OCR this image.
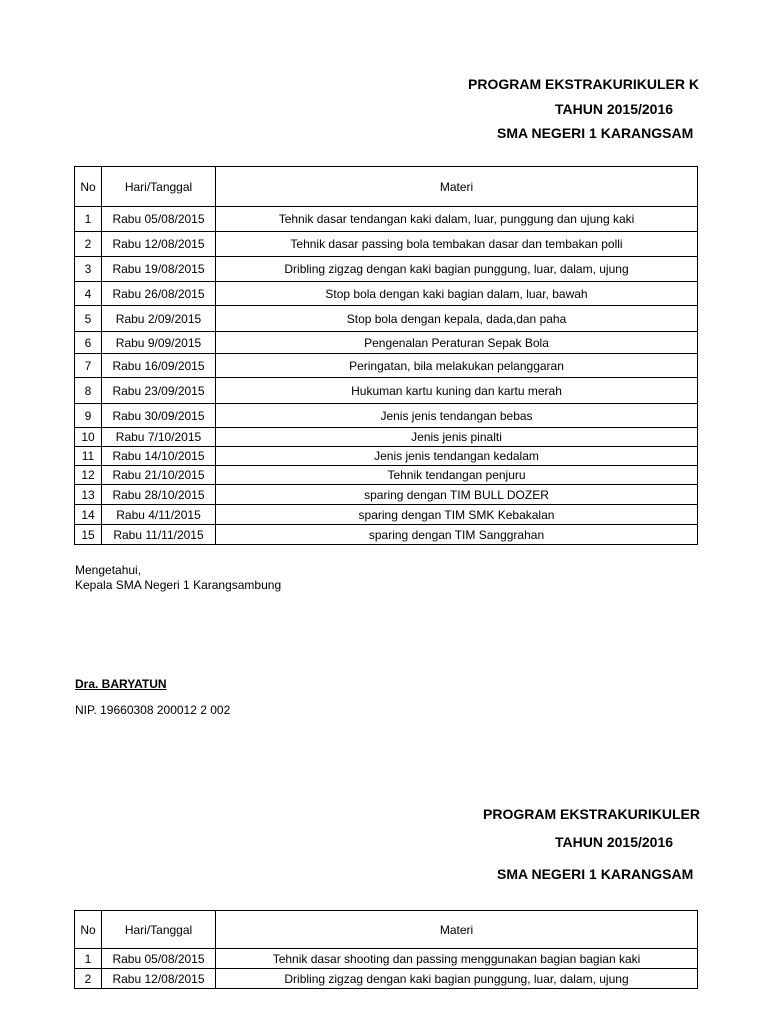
PROGRAM EKSTRAKURIKULER K
TAHUN 2015/2016
SMA NEGERI 1 KARANGSAM
No	Hari/Tanggal	Materi
1	Rabu 05/08/2015	Tehnik dasar tendangan kaki dalam, luar, punggung dan ujung kaki
2	Rabu 12/08/2015	Tehnik dasar passing bola tembakan dasar dan tembakan polli
3	Rabu 19/08/2015	Dribling zigzag dengan kaki bagian punggung, luar, dalam, ujung
4	Rabu 26/08/2015	Stop bola dengan kaki bagian dalam, luar, bawah
5	Rabu 2/09/2015	Stop bola dengan kepala, dada,dan paha
6	Rabu 9/09/2015	Pengenalan Peraturan Sepak Bola
7	Rabu 16/09/2015	Peringatan, bila melakukan pelanggaran
8	Rabu 23/09/2015	Hukuman kartu kuning dan kartu merah
9	Rabu 30/09/2015	Jenis jenis tendangan bebas
10	Rabu 7/10/2015	Jenis jenis pinalti
11	Rabu 14/10/2015	Jenis jenis tendangan kedalam
12	Rabu 21/10/2015	Tehnik tendangan penjuru
13	Rabu 28/10/2015	sparing dengan TIM BULL DOZER
14	Rabu 4/11/2015	sparing dengan TIM SMK Kebakalan
15	Rabu 11/11/2015	sparing dengan TIM Sanggrahan
Mengetahui,
Kepala SMA Negeri 1 Karangsambung
Dra. BARYATUN
NIP. 19660308 200012 2 002
PROGRAM EKSTRAKURIKULER
TAHUN 2015/2016
SMA NEGERI 1 KARANGSAM
No	Hari/Tanggal	Materi
1	Rabu 05/08/2015	Tehnik dasar shooting dan passing menggunakan bagian bagian kaki
2	Rabu 12/08/2015	Dribling zigzag dengan kaki bagian punggung, luar, dalam, ujung
